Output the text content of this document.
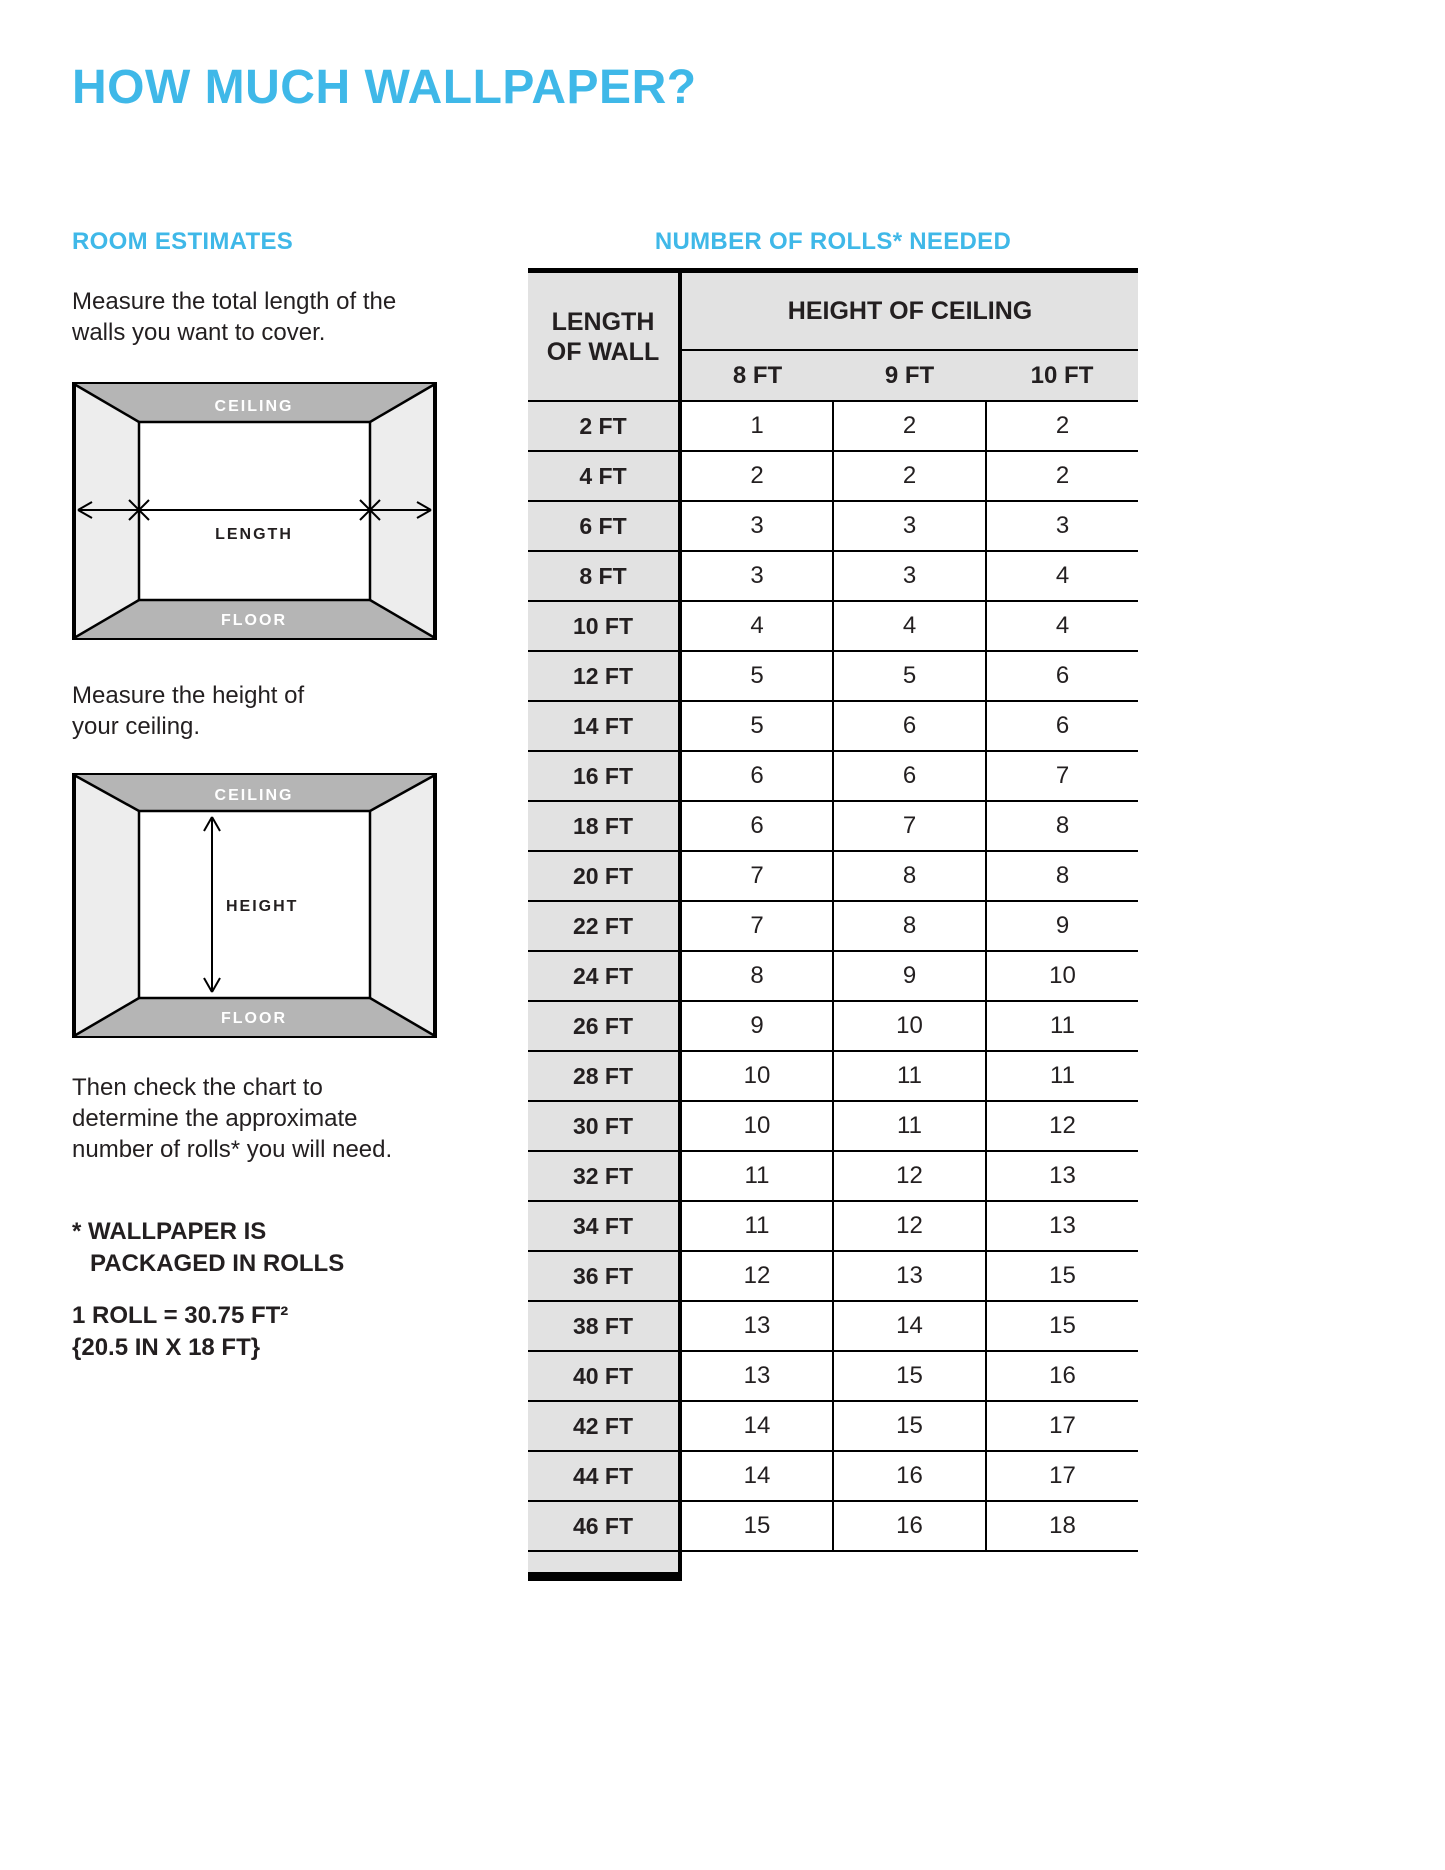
HOW MUCH WALLPAPER?
ROOM ESTIMATES
Measure the total length of the walls you want to cover.
CEILING
FLOOR
LENGTH
Measure the height of your ceiling.
CEILING
FLOOR
HEIGHT
Then check the chart to determine the approximate number of rolls* you will need.
* WALLPAPER IS
PACKAGED IN ROLLS
1 ROLL = 30.75 FT²
{20.5 IN X 18 FT}
NUMBER OF ROLLS* NEEDED
LENGTH OF WALL	HEIGHT OF CEILING		
	8 FT	9 FT	10 FT
2 FT	1	2	2
4 FT	2	2	2
6 FT	3	3	3
8 FT	3	3	4
10 FT	4	4	4
12 FT	5	5	6
14 FT	5	6	6
16 FT	6	6	7
18 FT	6	7	8
20 FT	7	8	8
22 FT	7	8	9
24 FT	8	9	10
26 FT	9	10	11
28 FT	10	11	11
30 FT	10	11	12
32 FT	11	12	13
34 FT	11	12	13
36 FT	12	13	15
38 FT	13	14	15
40 FT	13	15	16
42 FT	14	15	17
44 FT	14	16	17
46 FT	15	16	18
